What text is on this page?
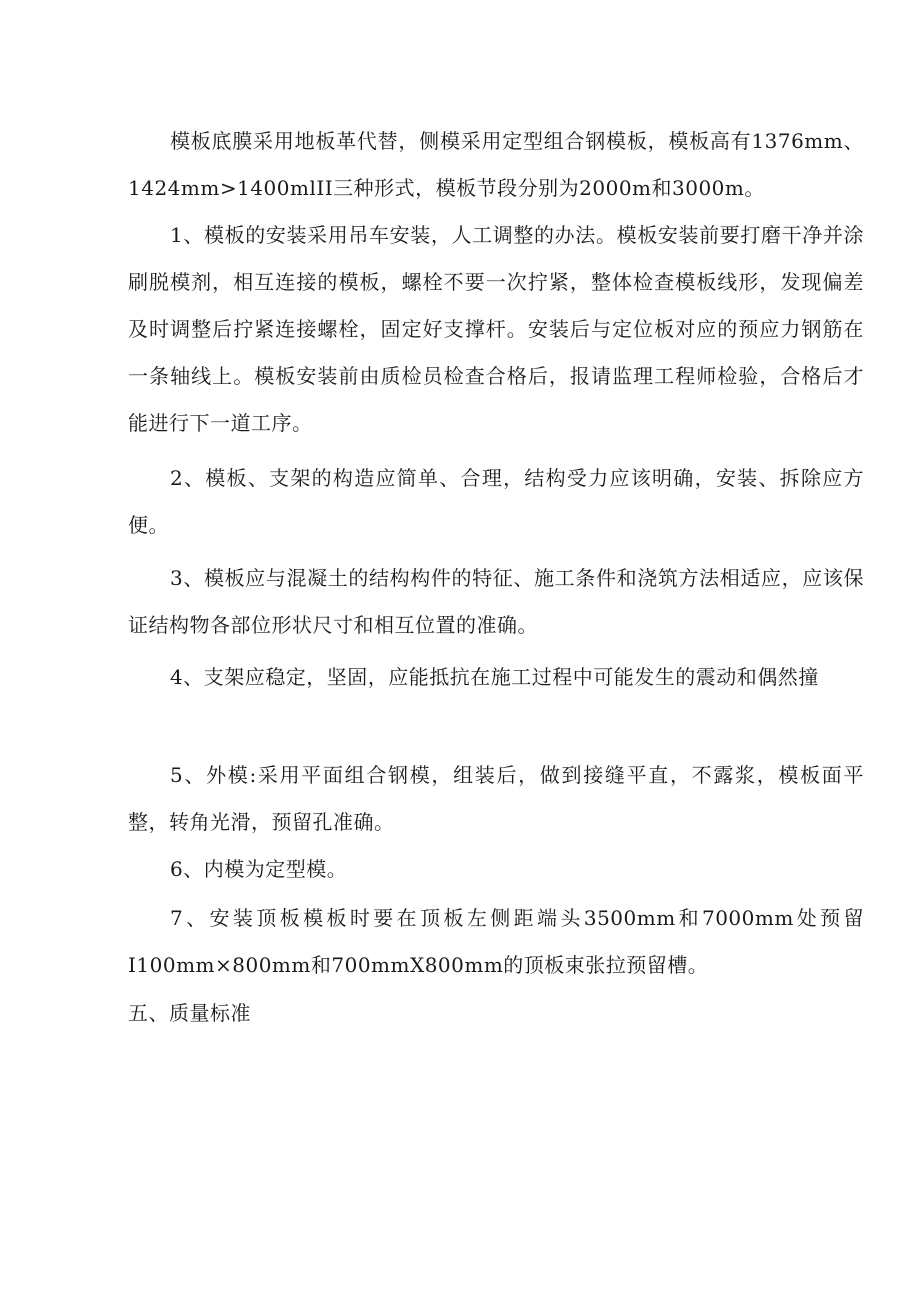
模板底膜采用地板革代替，侧模采用定型组合钢模板，模板高有1376mm、1424mm>1400mlII三种形式，模板节段分别为2000m和3000m。

1、模板的安装采用吊车安装，人工调整的办法。模板安装前要打磨干净并涂刷脱模剂，相互连接的模板，螺栓不要一次拧紧，整体检查模板线形，发现偏差及时调整后拧紧连接螺栓，固定好支撑杆。安装后与定位板对应的预应力钢筋在一条轴线上。模板安装前由质检员检查合格后，报请监理工程师检验，合格后才能进行下一道工序。

2、模板、支架的构造应简单、合理，结构受力应该明确，安装、拆除应方便。

3、模板应与混凝土的结构构件的特征、施工条件和浇筑方法相适应，应该保证结构物各部位形状尺寸和相互位置的准确。

4、支架应稳定，坚固，应能抵抗在施工过程中可能发生的震动和偶然撞

5、外模:采用平面组合钢模，组装后，做到接缝平直，不露浆，模板面平整，转角光滑，预留孔准确。

6、内模为定型模。

7、安装顶板模板时要在顶板左侧距端头3500mm和7000mm处预留I100mm×800mm和700mmX800mm的顶板束张拉预留槽。

五、质量标准
